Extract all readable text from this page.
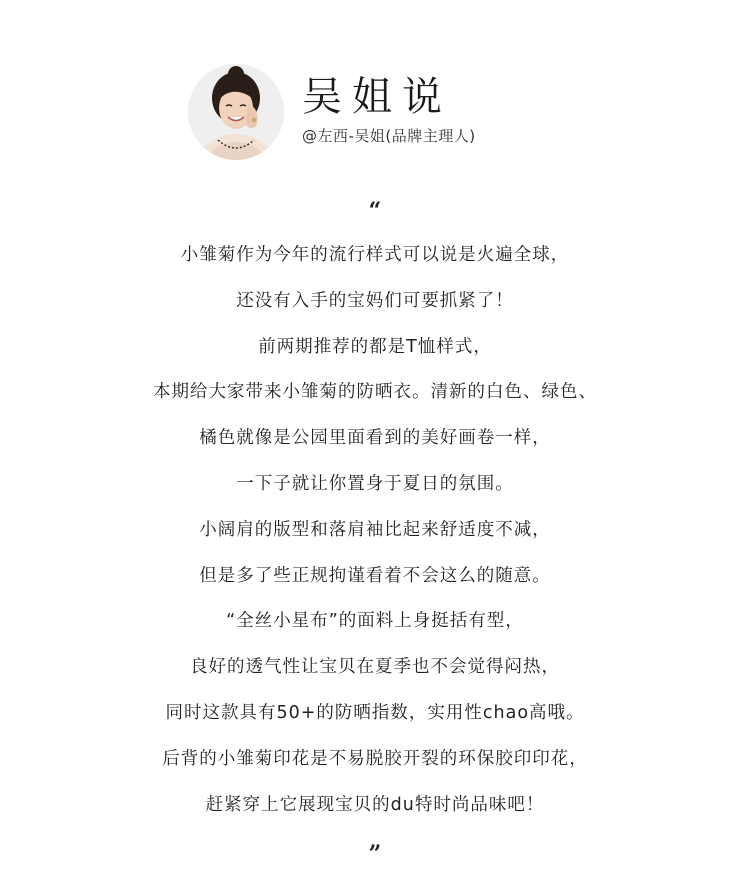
吴姐说
@左西-吴姐(品牌主理人)
“
小雏菊作为今年的流行样式可以说是火遍全球，
还没有入手的宝妈们可要抓紧了！
前两期推荐的都是T恤样式，
本期给大家带来小雏菊的防晒衣。清新的白色、绿色、
橘色就像是公园里面看到的美好画卷一样，
一下子就让你置身于夏日的氛围。
小阔肩的版型和落肩袖比起来舒适度不减，
但是多了些正规拘谨看着不会这么的随意。
“全丝小星布”的面料上身挺括有型，
良好的透气性让宝贝在夏季也不会觉得闷热，
同时这款具有50+的防晒指数，实用性chao高哦。
后背的小雏菊印花是不易脱胶开裂的环保胶印印花，
赶紧穿上它展现宝贝的du特时尚品味吧！
”
